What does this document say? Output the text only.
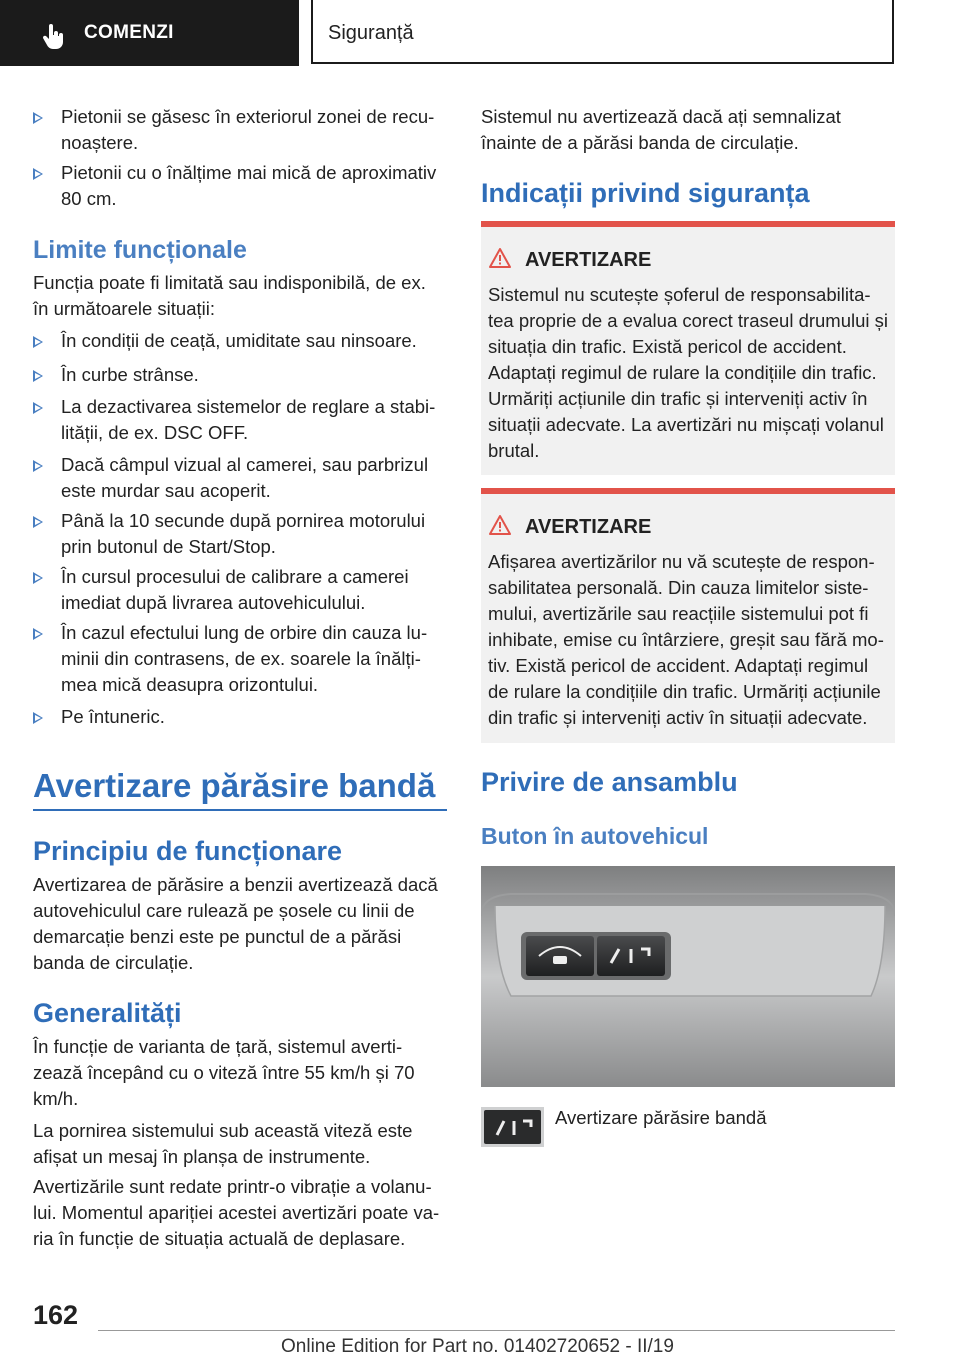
COMENZI	Siguranță
Pietonii se găsesc în exteriorul zonei de recu-noaștere.
Pietonii cu o înălțime mai mică de aproximativ 80 cm.
Limite funcționale
Funcția poate fi limitată sau indisponibilă, de ex. în următoarele situații:
În condiții de ceață, umiditate sau ninsoare.
În curbe strânse.
La dezactivarea sistemelor de reglare a stabi-lității, de ex. DSC OFF.
Dacă câmpul vizual al camerei, sau parbrizul este murdar sau acoperit.
Până la 10 secunde după pornirea motorului prin butonul de Start/Stop.
În cursul procesului de calibrare a camerei imediat după livrarea autovehiculului.
În cazul efectului lung de orbire din cauza lu-minii din contrasens, de ex. soarele la înălți-mea mică deasupra orizontului.
Pe întuneric.
Avertizare părăsire bandă
Principiu de funcționare
Avertizarea de părăsire a benzii avertizează dacă autovehiculul care rulează pe șosele cu linii de demarcație benzi este pe punctul de a părăsi banda de circulație.
Generalități
În funcție de varianta de țară, sistemul averti-zează începând cu o viteză între 55 km/h și 70 km/h.
La pornirea sistemului sub această viteză este afișat un mesaj în planșa de instrumente.
Avertizările sunt redate printr-o vibrație a volanu-lui. Momentul apariției acestei avertizări poate va-ria în funcție de situația actuală de deplasare.
Sistemul nu avertizează dacă ați semnalizat înainte de a părăsi banda de circulație.
Indicații privind siguranța
AVERTIZARE
Sistemul nu scutește șoferul de responsabilita-tea proprie de a evalua corect traseul drumului și situația din trafic. Există pericol de accident. Adaptați regimul de rulare la condițiile din trafic. Urmăriți acțiunile din trafic și interveniți activ în situații adecvate. La avertizări nu mișcați volanul brutal.
AVERTIZARE
Afișarea avertizărilor nu vă scutește de respon-sabilitatea personală. Din cauza limitelor siste-mului, avertizările sau reacțiile sistemului pot fi inhibate, emise cu întârziere, greșit sau fără mo-tiv. Există pericol de accident. Adaptați regimul de rulare la condițiile din trafic. Urmăriți acțiunile din trafic și interveniți activ în situații adecvate.
Privire de ansamblu
Buton în autovehicul
Avertizare părăsire bandă
162
Online Edition for Part no. 01402720652 - II/19
